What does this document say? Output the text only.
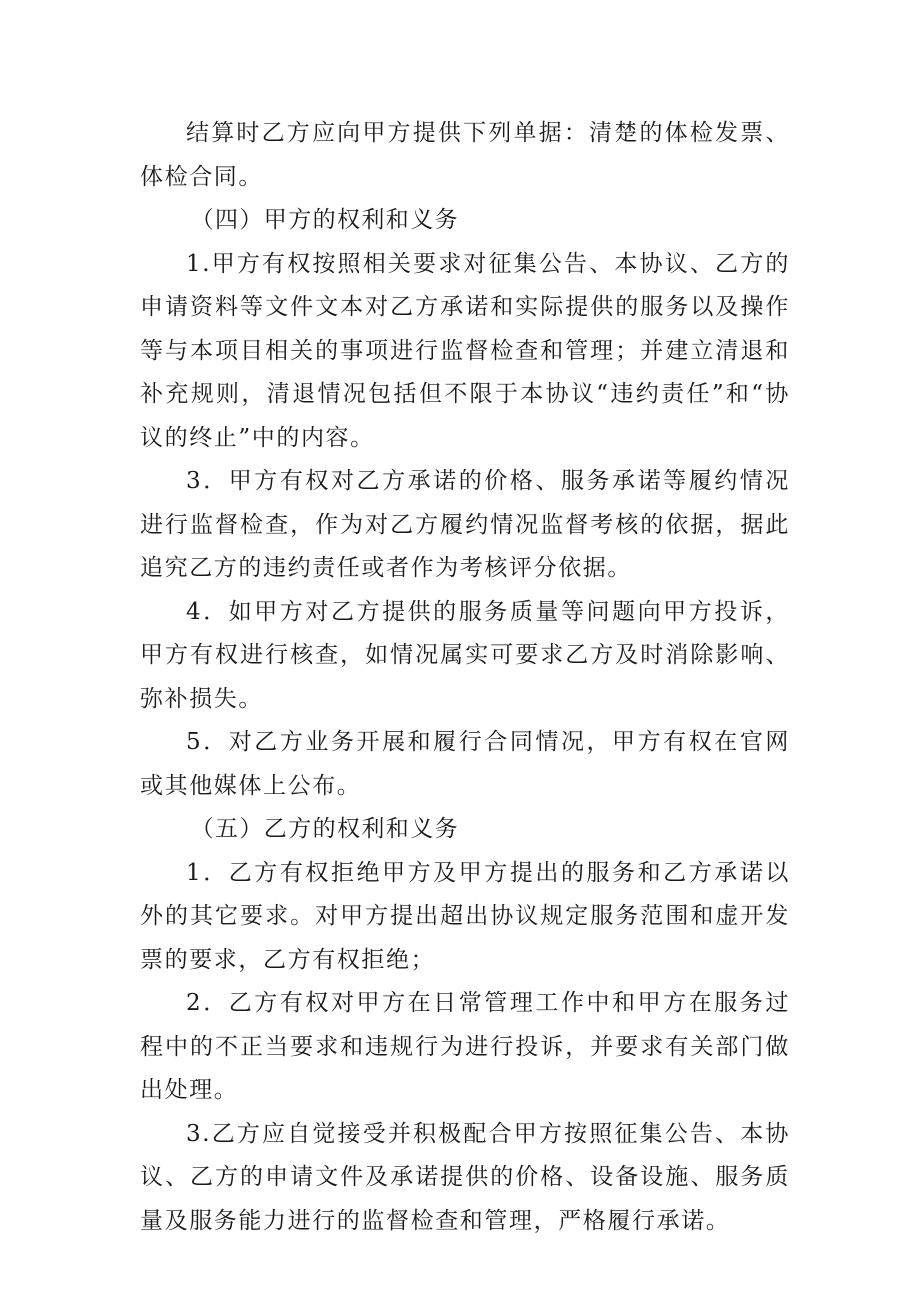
结算时乙方应向甲方提供下列单据：清楚的体检发票、体检合同。

（四）甲方的权利和义务

1.甲方有权按照相关要求对征集公告、本协议、乙方的申请资料等文件文本对乙方承诺和实际提供的服务以及操作等与本项目相关的事项进行监督检查和管理；并建立清退和补充规则，清退情况包括但不限于本协议“违约责任”和“协议的终止”中的内容。

3．甲方有权对乙方承诺的价格、服务承诺等履约情况进行监督检查，作为对乙方履约情况监督考核的依据，据此追究乙方的违约责任或者作为考核评分依据。

4．如甲方对乙方提供的服务质量等问题向甲方投诉，甲方有权进行核查，如情况属实可要求乙方及时消除影响、弥补损失。

5．对乙方业务开展和履行合同情况，甲方有权在官网或其他媒体上公布。

（五）乙方的权利和义务

1．乙方有权拒绝甲方及甲方提出的服务和乙方承诺以外的其它要求。对甲方提出超出协议规定服务范围和虚开发票的要求，乙方有权拒绝；

2．乙方有权对甲方在日常管理工作中和甲方在服务过程中的不正当要求和违规行为进行投诉，并要求有关部门做出处理。

3.乙方应自觉接受并积极配合甲方按照征集公告、本协议、乙方的申请文件及承诺提供的价格、设备设施、服务质量及服务能力进行的监督检查和管理，严格履行承诺。
